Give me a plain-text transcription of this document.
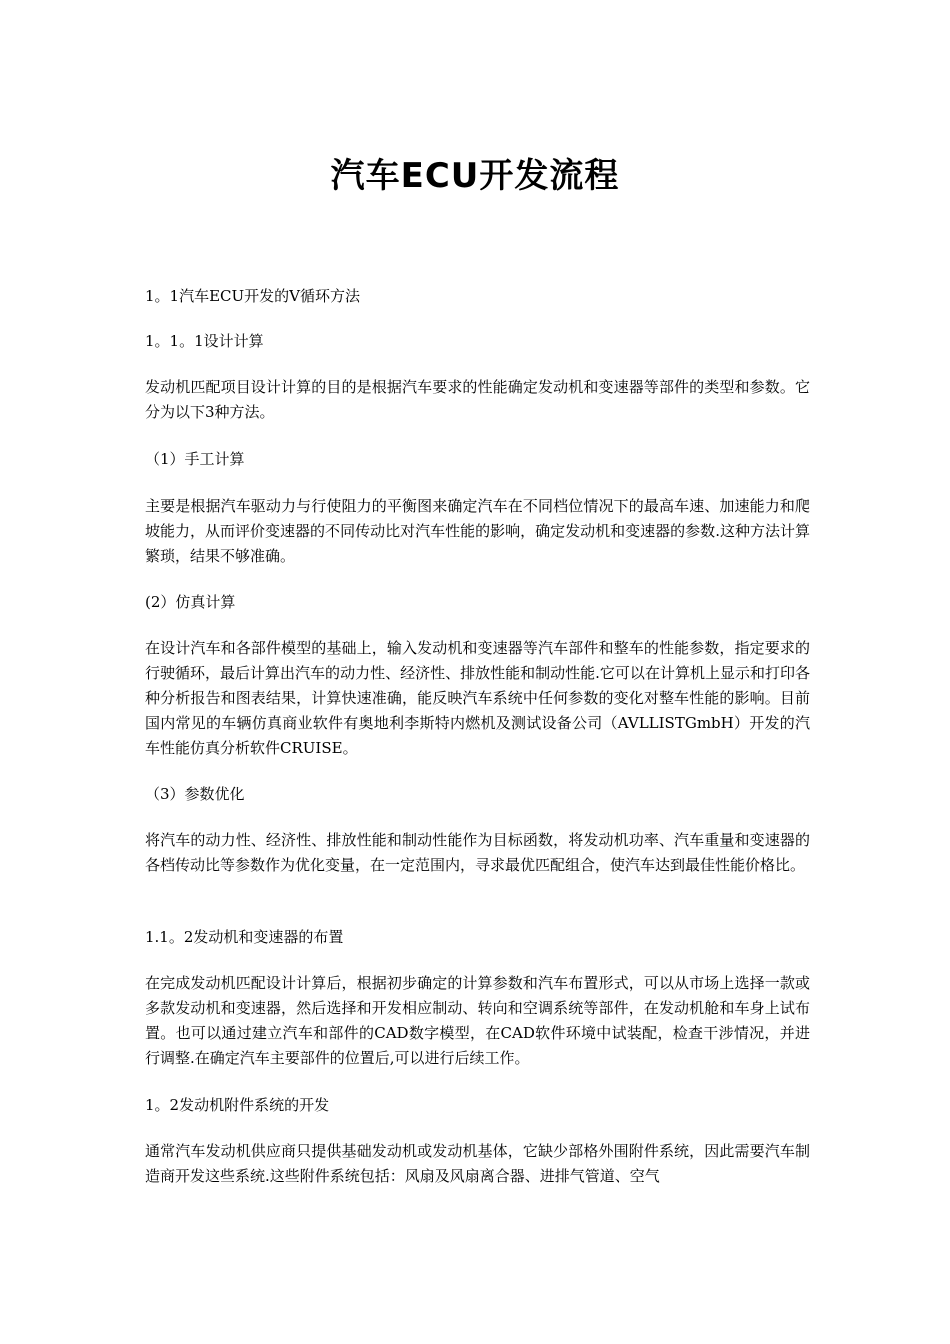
汽车ECU开发流程

1。1汽车ECU开发的V循环方法

1。1。1设计计算

发动机匹配项目设计计算的目的是根据汽车要求的性能确定发动机和变速器等部件的类型和参数。它分为以下3种方法。

（1）手工计算

主要是根据汽车驱动力与行使阻力的平衡图来确定汽车在不同档位情况下的最高车速、加速能力和爬坡能力，从而评价变速器的不同传动比对汽车性能的影响，确定发动机和变速器的参数.这种方法计算繁琐，结果不够准确。

(2）仿真计算

在设计汽车和各部件模型的基础上，输入发动机和变速器等汽车部件和整车的性能参数，指定要求的行驶循环，最后计算出汽车的动力性、经济性、排放性能和制动性能.它可以在计算机上显示和打印各种分析报告和图表结果，计算快速准确，能反映汽车系统中任何参数的变化对整车性能的影响。目前国内常见的车辆仿真商业软件有奥地利李斯特内燃机及测试设备公司（AVLLISTGmbH）开发的汽车性能仿真分析软件CRUISE。

（3）参数优化

将汽车的动力性、经济性、排放性能和制动性能作为目标函数，将发动机功率、汽车重量和变速器的各档传动比等参数作为优化变量，在一定范围内，寻求最优匹配组合，使汽车达到最佳性能价格比。

1.1。2发动机和变速器的布置

在完成发动机匹配设计计算后，根据初步确定的计算参数和汽车布置形式，可以从市场上选择一款或多款发动机和变速器，然后选择和开发相应制动、转向和空调系统等部件，在发动机舱和车身上试布置。也可以通过建立汽车和部件的CAD数字模型，在CAD软件环境中试装配，检查干涉情况，并进行调整.在确定汽车主要部件的位置后,可以进行后续工作。

1。2发动机附件系统的开发

通常汽车发动机供应商只提供基础发动机或发动机基体，它缺少部格外围附件系统，因此需要汽车制造商开发这些系统.这些附件系统包括：风扇及风扇离合器、进排气管道、空气
